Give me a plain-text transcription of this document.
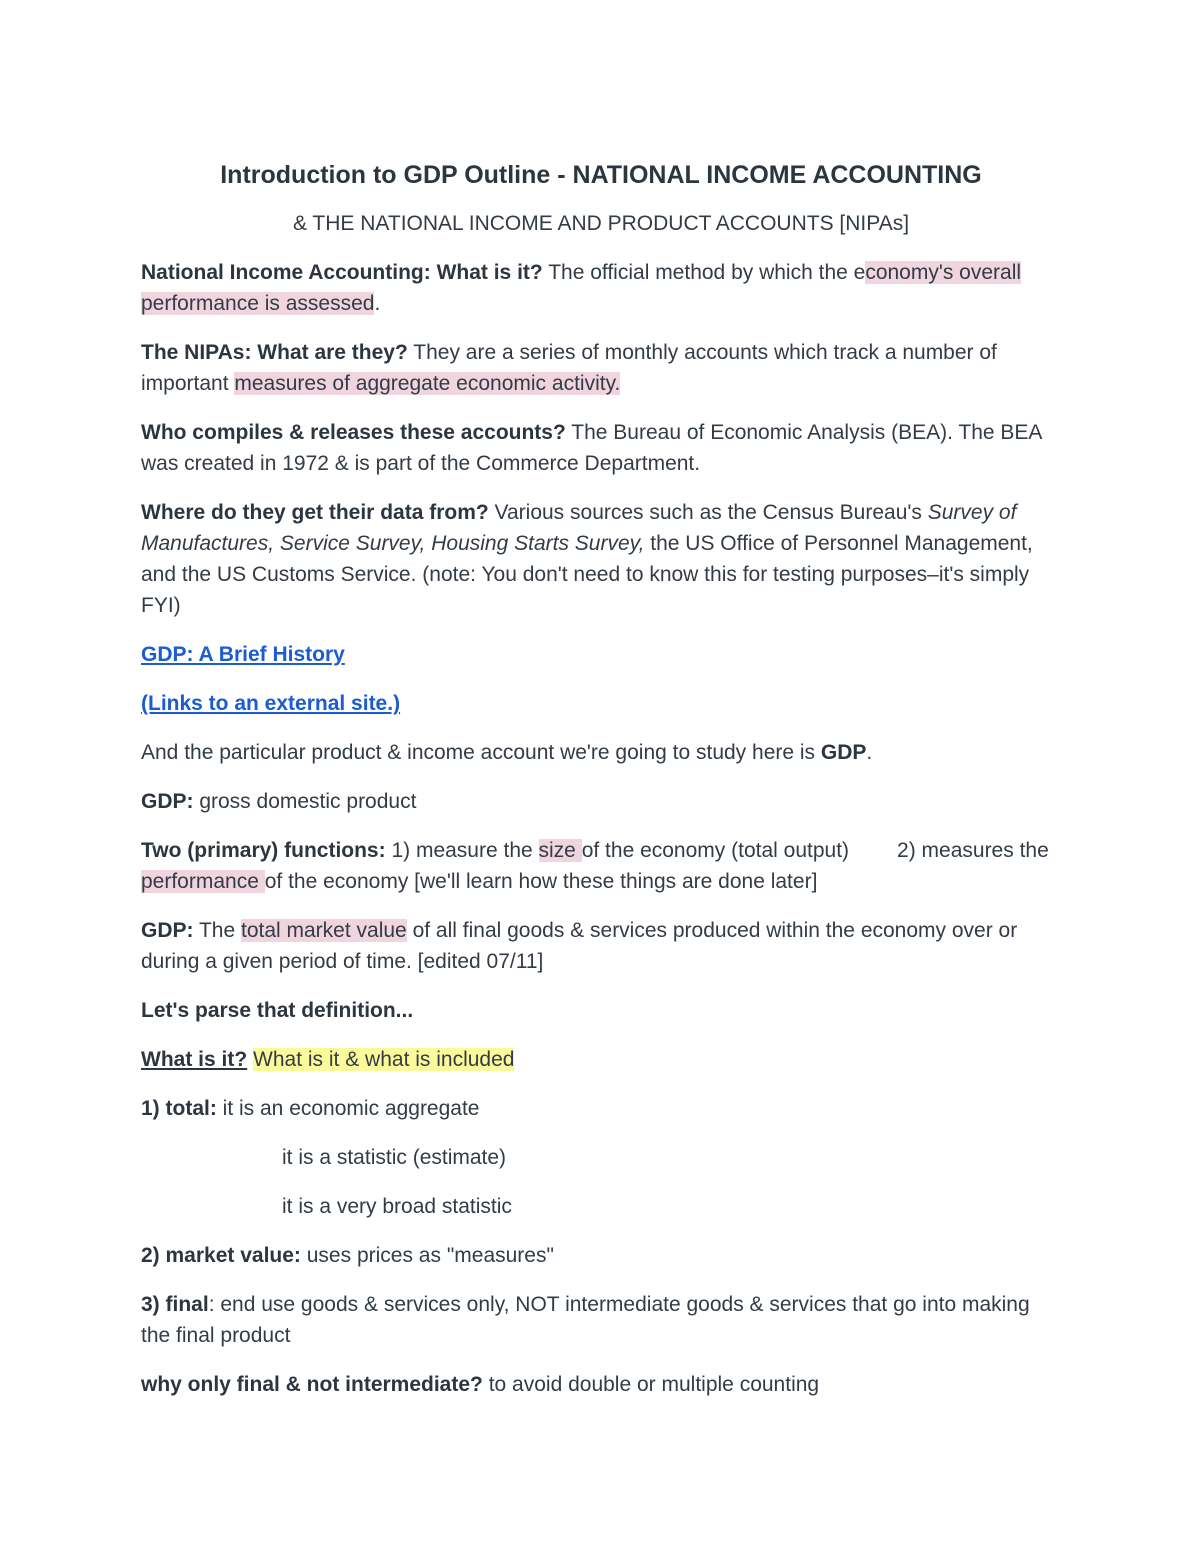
Introduction to GDP Outline - NATIONAL INCOME ACCOUNTING

& THE NATIONAL INCOME AND PRODUCT ACCOUNTS [NIPAs]

National Income Accounting: What is it? The official method by which the economy's overall performance is assessed.

The NIPAs: What are they? They are a series of monthly accounts which track a number of important measures of aggregate economic activity.

Who compiles & releases these accounts? The Bureau of Economic Analysis (BEA). The BEA was created in 1972 & is part of the Commerce Department.

Where do they get their data from? Various sources such as the Census Bureau's Survey of Manufactures, Service Survey, Housing Starts Survey, the US Office of Personnel Management, and the US Customs Service. (note: You don't need to know this for testing purposes–it's simply FYI)

GDP: A Brief History

(Links to an external site.)

And the particular product & income account we're going to study here is GDP.

GDP: gross domestic product

Two (primary) functions: 1) measure the size of the economy (total output) 2) measures the performance of the economy [we'll learn how these things are done later]

GDP: The total market value of all final goods & services produced within the economy over or during a given period of time. [edited 07/11]

Let's parse that definition...

What is it? What is it & what is included

1) total: it is an economic aggregate

it is a statistic (estimate)

it is a very broad statistic

2) market value: uses prices as "measures"

3) final: end use goods & services only, NOT intermediate goods & services that go into making the final product

why only final & not intermediate? to avoid double or multiple counting
